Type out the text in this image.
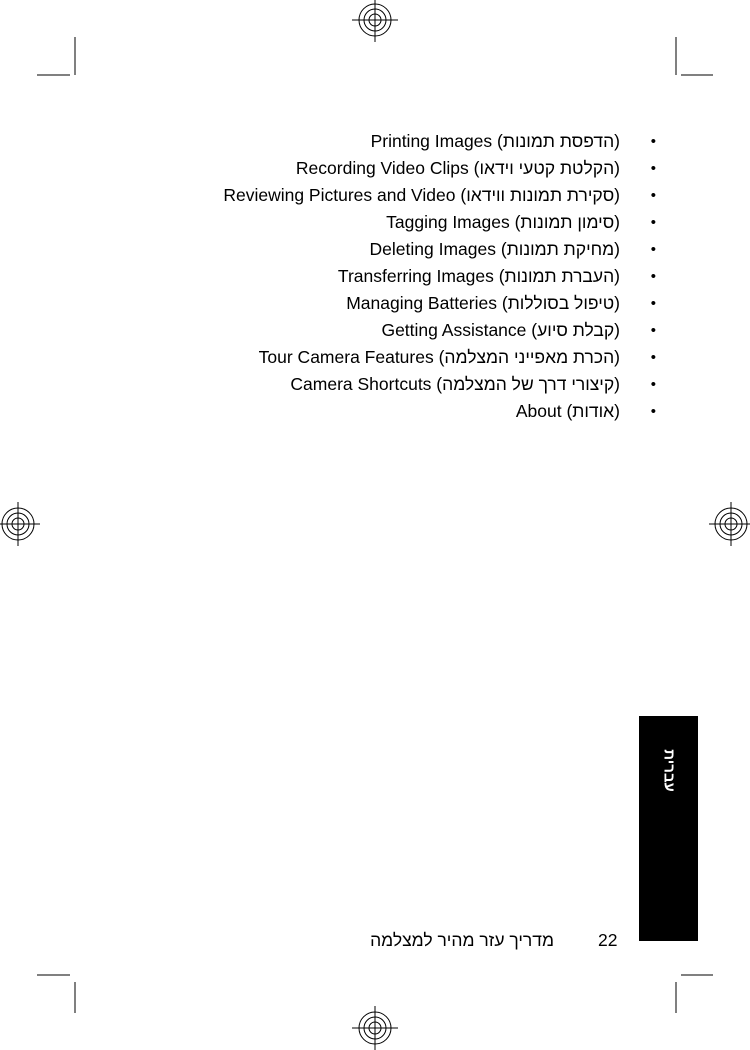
•
(הדפסת תמונות) Printing Images
•
(הקלטת קטעי וידאו) Recording Video Clips
•
(סקירת תמונות ווידאו) Reviewing Pictures and Video
•
(סימון תמונות) Tagging Images
•
(מחיקת תמונות) Deleting Images
•
(העברת תמונות) Transferring Images
•
(טיפול בסוללות) Managing Batteries
•
(קבלת סיוע) Getting Assistance
•
(הכרת מאפייני המצלמה) Tour Camera Features
•
(קיצורי דרך של המצלמה) Camera Shortcuts
•
(אודות) About
עברית
מדריך עזר מהיר למצלמה	22
